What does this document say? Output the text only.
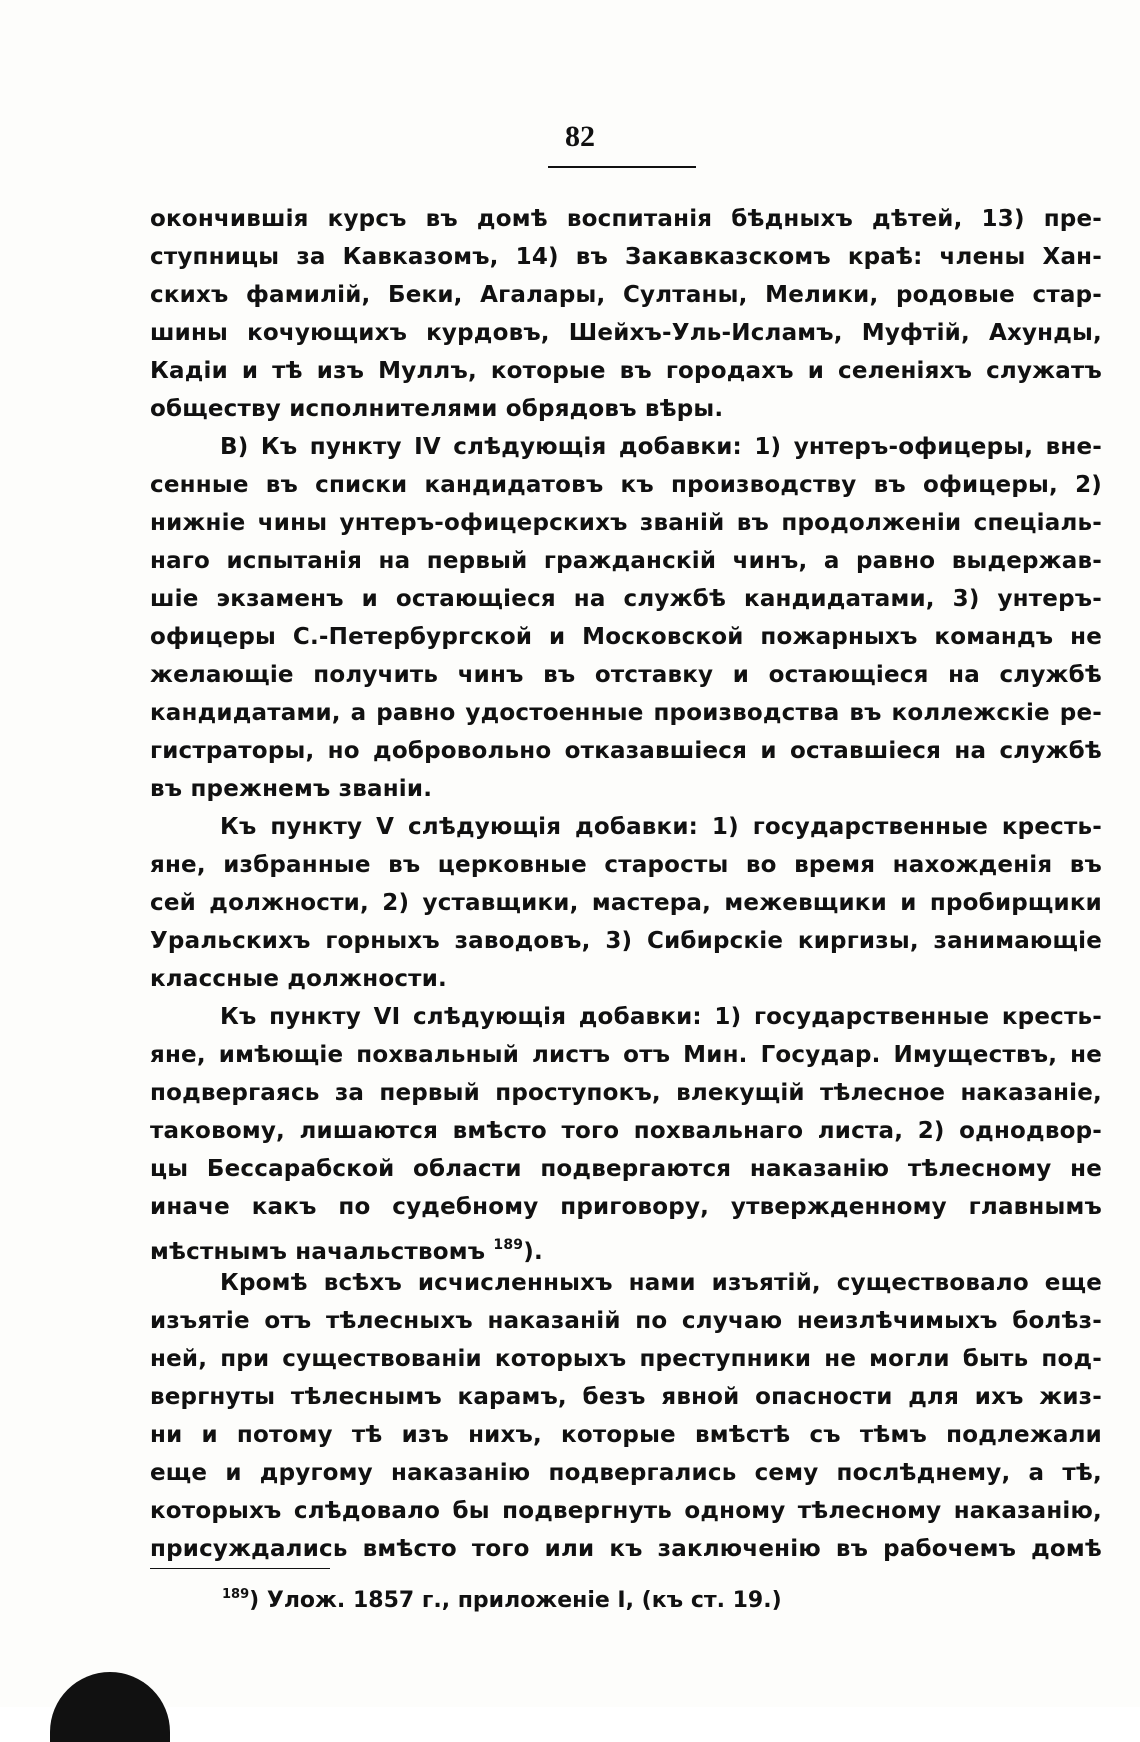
82
окончившія курсъ въ домѣ воспитанія бѣдныхъ дѣтей, 13) пре-
ступницы за Кавказомъ, 14) въ Закавказскомъ краѣ: члены Хан-
скихъ фамилій, Беки, Агалары, Султаны, Мелики, родовые стар-
шины кочующихъ курдовъ, Шейхъ-Уль-Исламъ, Муфтій, Ахунды,
Кадіи и тѣ изъ Муллъ, которые въ городахъ и селеніяхъ служатъ
обществу исполнителями обрядовъ вѣры.
В) Къ пункту IV слѣдующія добавки: 1) унтеръ-офицеры, вне-
сенные въ списки кандидатовъ къ производству въ офицеры, 2)
нижніе чины унтеръ-офицерскихъ званій въ продолженіи спеціаль-
наго испытанія на первый гражданскій чинъ, а равно выдержав-
шіе экзаменъ и остающіеся на службѣ кандидатами, 3) унтеръ-
офицеры С.-Петербургской и Московской пожарныхъ командъ не
желающіе получить чинъ въ отставку и остающіеся на службѣ
кандидатами, а равно удостоенные производства въ коллежскіе ре-
гистраторы, но добровольно отказавшіеся и оставшіеся на службѣ
въ прежнемъ званіи.
Къ пункту V слѣдующія добавки: 1) государственные кресть-
яне, избранные въ церковные старосты во время нахожденія въ
сей должности, 2) уставщики, мастера, межевщики и пробирщики
Уральскихъ горныхъ заводовъ, 3) Сибирскіе киргизы, занимающіе
классные должности.
Къ пункту VI слѣдующія добавки: 1) государственные кресть-
яне, имѣющіе похвальный листъ отъ Мин. Государ. Имуществъ, не
подвергаясь за первый проступокъ, влекущій тѣлесное наказаніе,
таковому, лишаются вмѣсто того похвальнаго листа, 2) однодвор-
цы Бессарабской области подвергаются наказанію тѣлесному не
иначе какъ по судебному приговору, утвержденному главнымъ
мѣстнымъ начальствомъ $^{189}$).
Кромѣ всѣхъ исчисленныхъ нами изъятій, существовало еще
изъятіе отъ тѣлесныхъ наказаній по случаю неизлѣчимыхъ болѣз-
ней, при существованіи которыхъ преступники не могли быть под-
вергнуты тѣлеснымъ карамъ, безъ явной опасности для ихъ жиз-
ни и потому тѣ изъ нихъ, которые вмѣстѣ съ тѣмъ подлежали
еще и другому наказанію подвергались сему послѣднему, а тѣ,
которыхъ слѣдовало бы подвергнуть одному тѣлесному наказанію,
присуждались вмѣсто того или къ заключенію въ рабочемъ домѣ
$^{189}$) Улож. 1857 г., приложеніе I, (къ ст. 19.)
